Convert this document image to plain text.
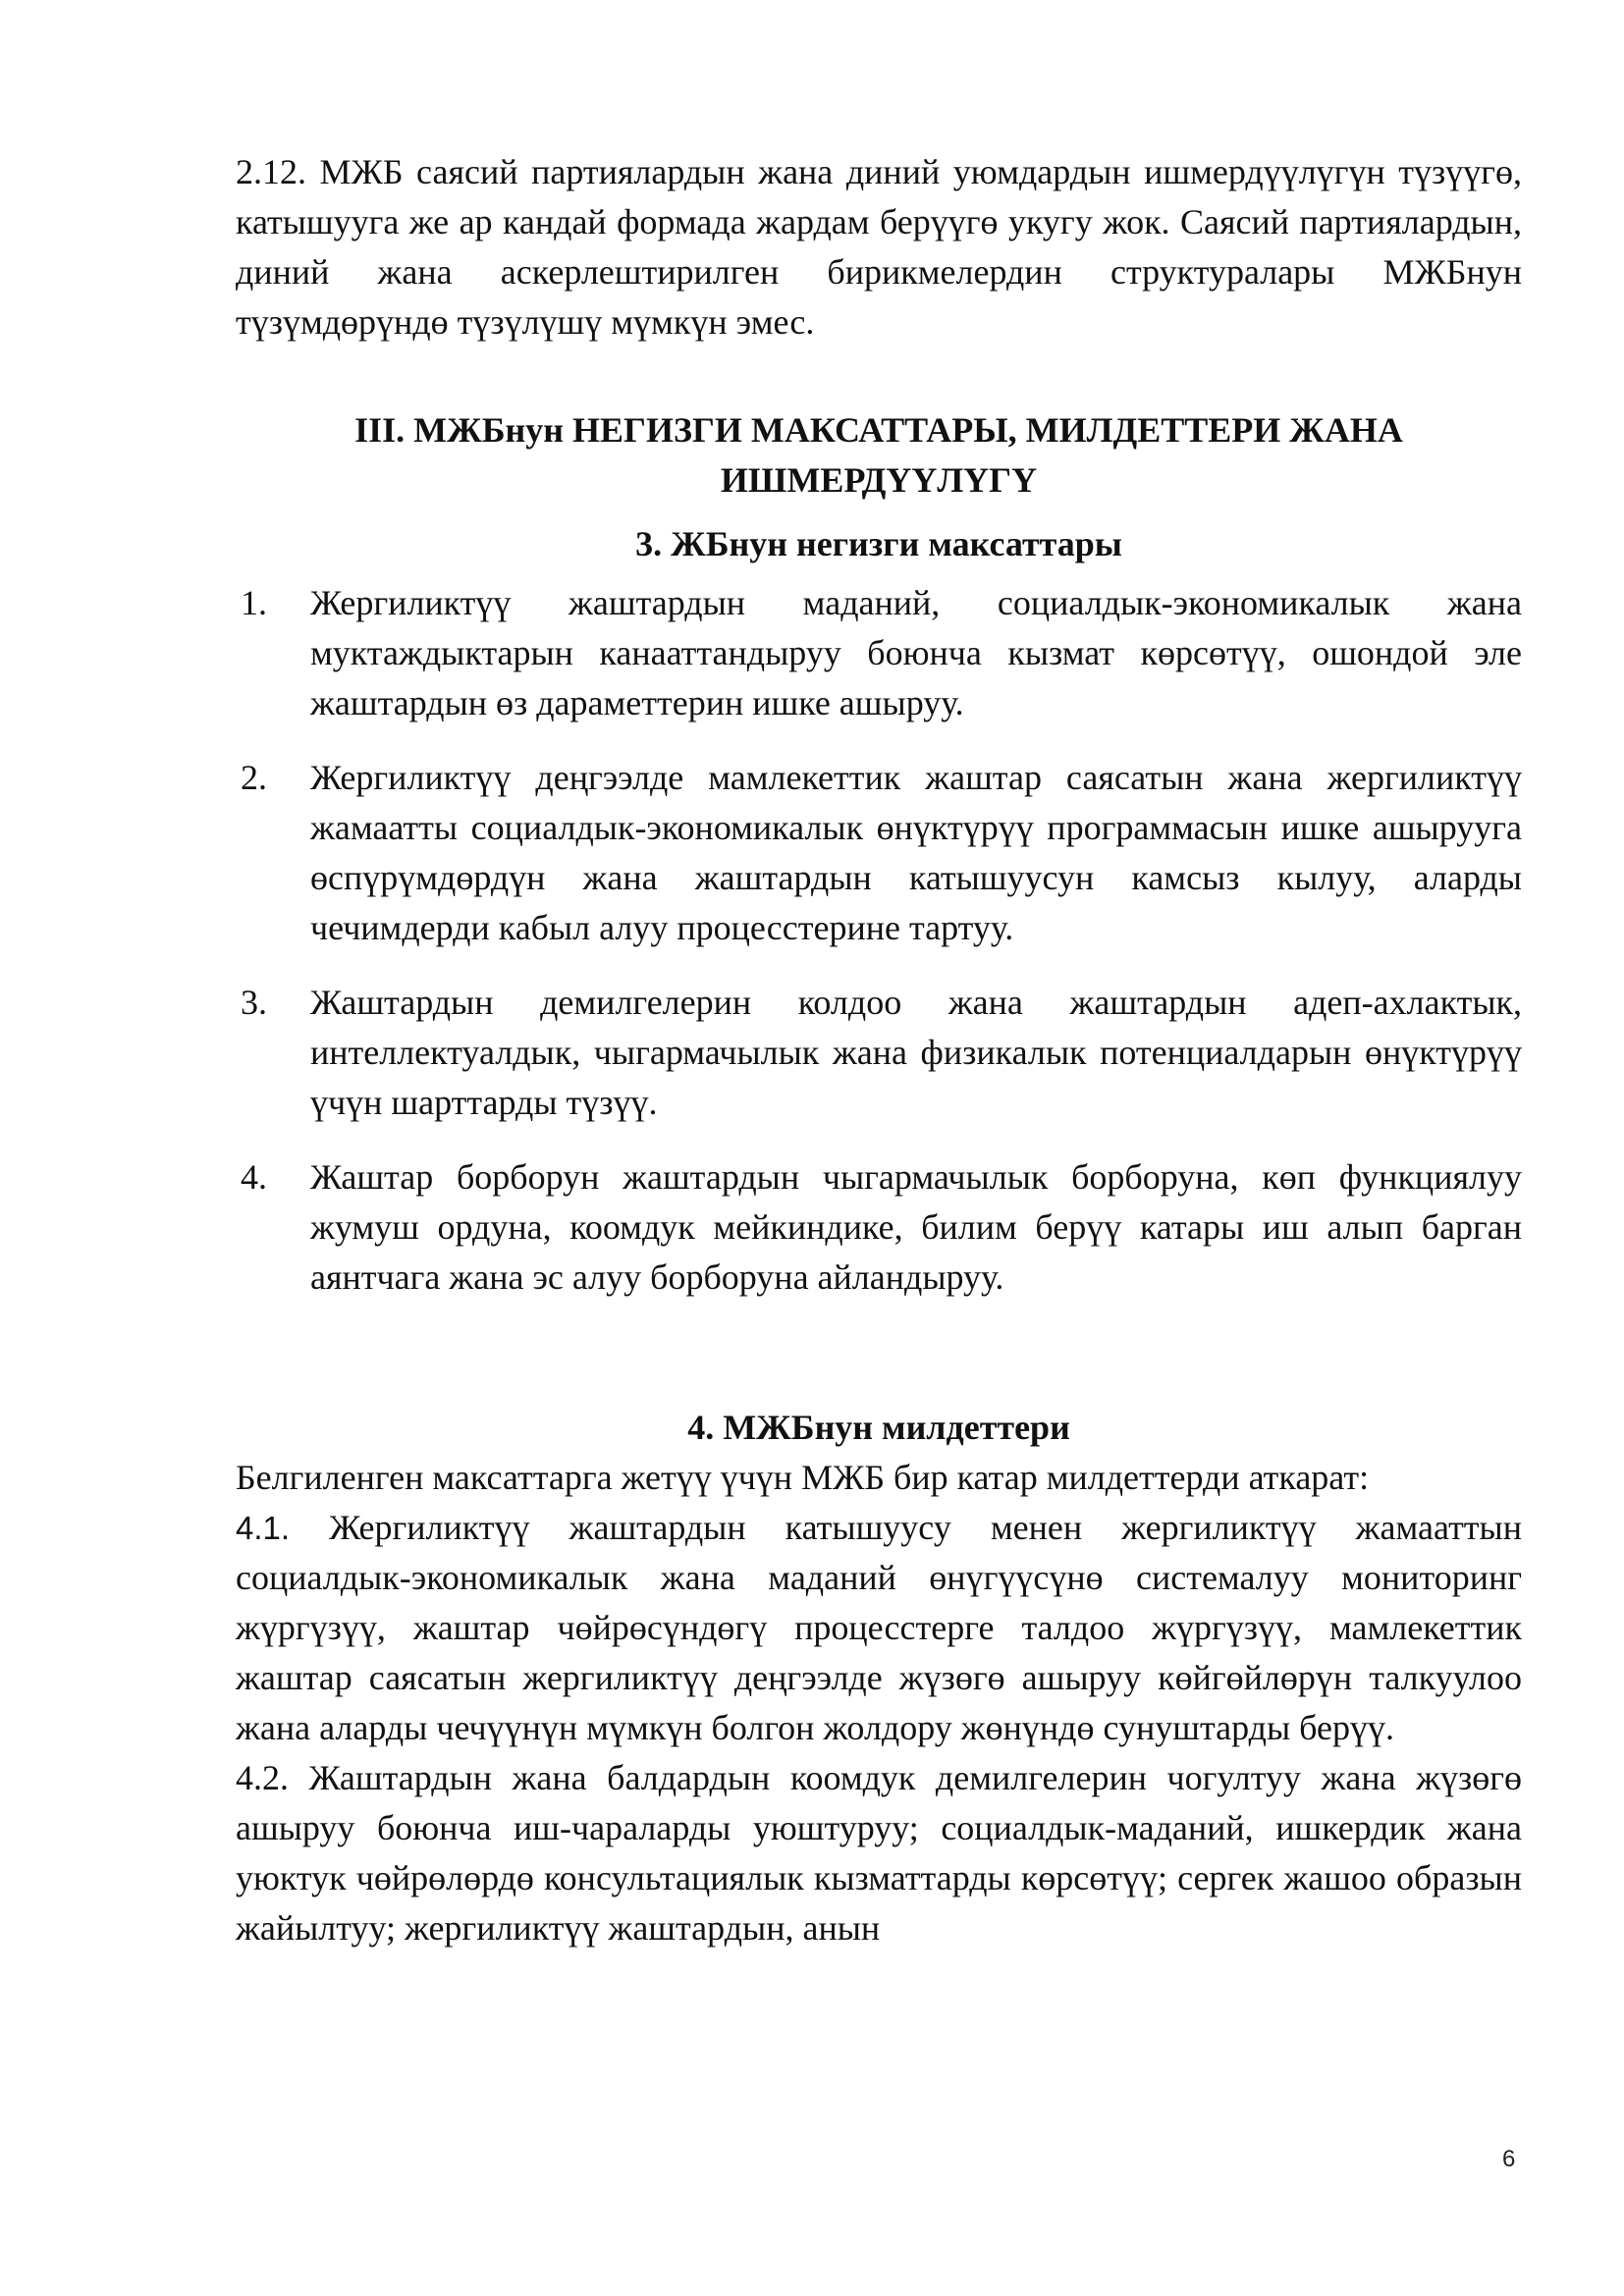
2.12. МЖБ саясий партиялардын жана диний уюмдардын ишмердүүлүгүн түзүүгө, катышууга же ар кандай формада жардам берүүгө укугу жок. Саясий партиялардын, диний жана аскерлештирилген бирикмелердин структуралары МЖБнун түзүмдөрүндө түзүлүшү мүмкүн эмес.

III. МЖБнун НЕГИЗГИ МАКСАТТАРЫ, МИЛДЕТТЕРИ ЖАНА
ИШМЕРДҮҮЛҮГҮ
3. ЖБнун негизги максаттары
1. Жергиликтүү жаштардын маданий, социалдык-экономикалык жана муктаждыктарын канааттандыруу боюнча кызмат көрсөтүү, ошондой эле жаштардын өз дараметтерин ишке ашыруу.
2. Жергиликтүү деңгээлде мамлекеттик жаштар саясатын жана жергиликтүү жамаатты социалдык-экономикалык өнүктүрүү программасын ишке ашырууга өспүрүмдөрдүн жана жаштардын катышуусун камсыз кылуу, аларды чечимдерди кабыл алуу процесстерине тартуу.
3. Жаштардын демилгелерин колдоо жана жаштардын адеп-ахлактык, интеллектуалдык, чыгармачылык жана физикалык потенциалдарын өнүктүрүү үчүн шарттарды түзүү.
4. Жаштар борборун жаштардын чыгармачылык борборуна, көп функциялуу жумуш ордуна, коомдук мейкиндике, билим берүү катары иш алып барган аянтчага жана эс алуу борборуна айландыруу.
4. МЖБнун милдеттери

Белгиленген максаттарга жетүү үчүн МЖБ бир катар милдеттерди аткарат:

4.1. Жергиликтүү жаштардын катышуусу менен жергиликтүү жамааттын социалдык-экономикалык жана маданий өнүгүүсүнө системалуу мониторинг жүргүзүү, жаштар чөйрөсүндөгү процесстерге талдоо жүргүзүү, мамлекеттик жаштар саясатын жергиликтүү деңгээлде жүзөгө ашыруу көйгөйлөрүн талкуулоо жана аларды чечүүнүн мүмкүн болгон жолдору жөнүндө сунуштарды берүү.

4.2. Жаштардын жана балдардын коомдук демилгелерин чогултуу жана жүзөгө ашыруу боюнча иш-чараларды уюштуруу; социалдык-маданий, ишкердик жана уюктук чөйрөлөрдө консультациялык кызматтарды көрсөтүү; сергек жашоо образын жайылтуу; жергиликтүү жаштардын, анын

6
